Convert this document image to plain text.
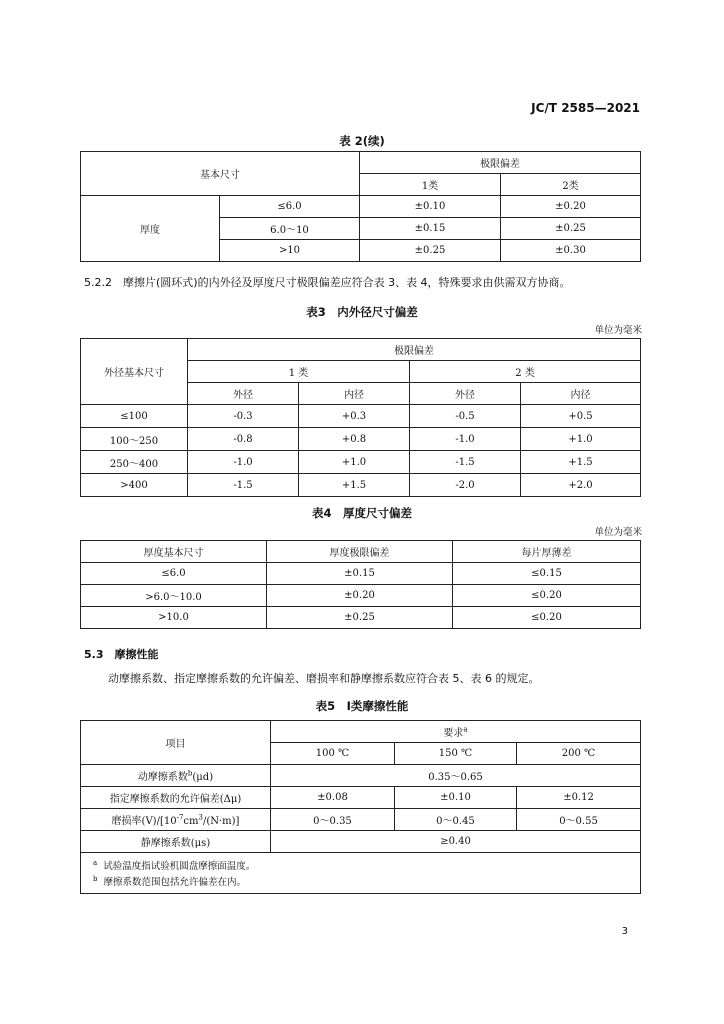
JC/T 2585—2021
表 2(续)
基本尺寸		极限偏差	
		1类	2类
厚度	≤6.0	±0.10	±0.20
	6.0～10	±0.15	±0.25
	>10	±0.25	±0.30
5.2.2　摩擦片(圆环式)的内外径及厚度尺寸极限偏差应符合表 3、表 4，特殊要求由供需双方协商。
表3　内外径尺寸偏差
单位为毫米
外径基本尺寸	极限偏差			
	1 类		2 类	
	外径	内径	外径	内径
≤100	-0.3	+0.3	-0.5	+0.5
100～250	-0.8	+0.8	-1.0	+1.0
250～400	-1.0	+1.0	-1.5	+1.5
>400	-1.5	+1.5	-2.0	+2.0
表4　厚度尺寸偏差
单位为毫米
厚度基本尺寸	厚度极限偏差	每片厚薄差
≤6.0	±0.15	≤0.15
>6.0～10.0	±0.20	≤0.20
>10.0	±0.25	≤0.20
5.3　摩擦性能
动摩擦系数、指定摩擦系数的允许偏差、磨损率和静摩擦系数应符合表 5、表 6 的规定。
表5　Ⅰ类摩擦性能
项目	要求$^a$
	100 ℃	150 ℃	200 ℃
动摩擦系数$^b$(μd)	0.35～0.65		
指定摩擦系数的允许偏差(Δμ)	±0.08	±0.10	±0.12
磨损率$(V)/[10^{-7}cm^3/(N\cdot m)]$	0～0.35	0～0.45	0～0.55
静摩擦系数(μs)	≥0.40		

$^a$ 试验温度指试验机圆盘摩擦面温度。
$^b$ 摩擦系数范围包括允许偏差在内。			
3
